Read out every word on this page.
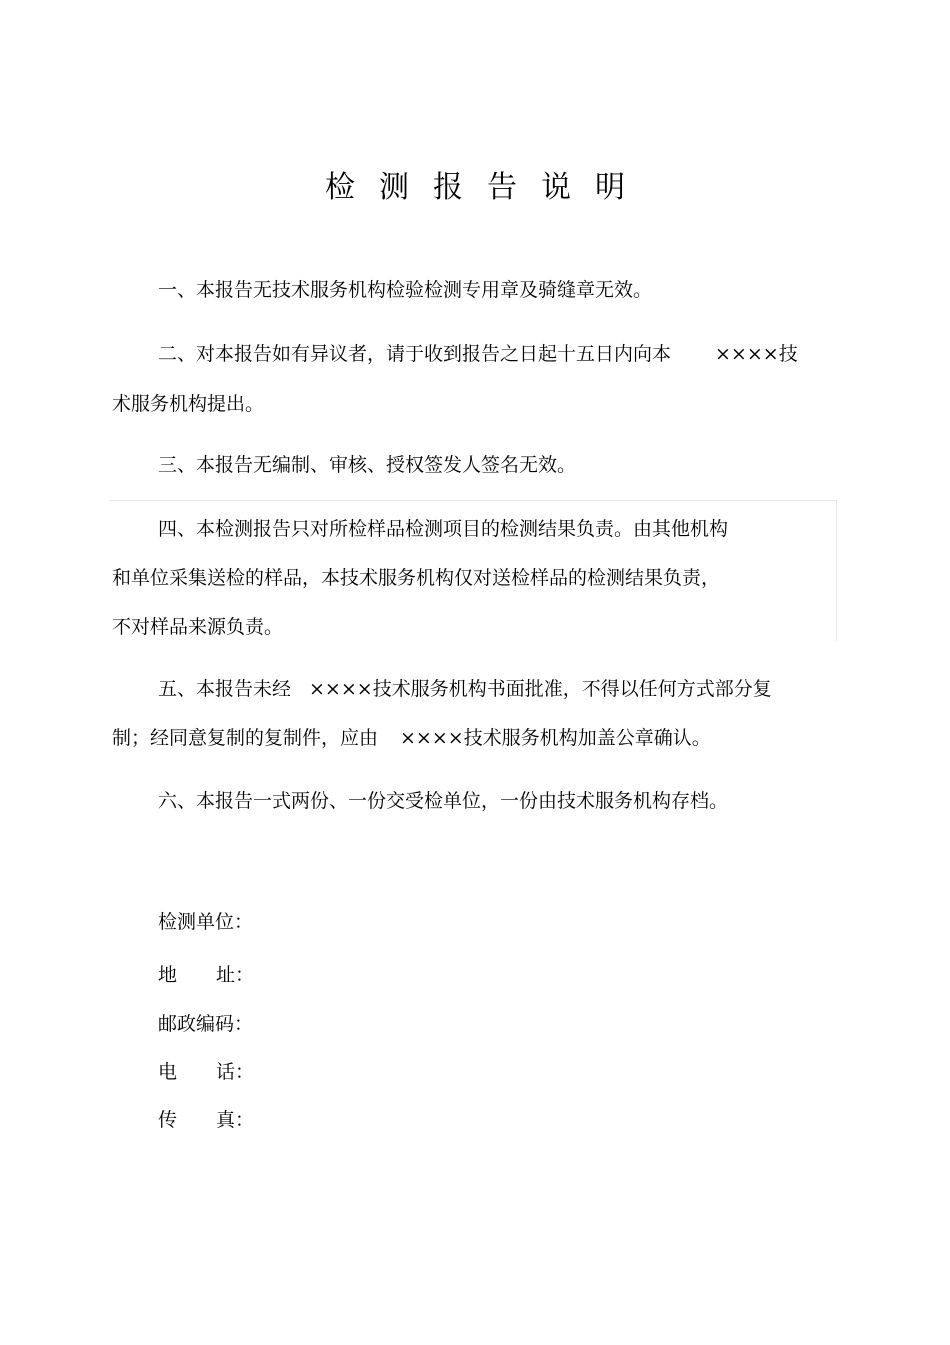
检测报告说明
一、本报告无技术服务机构检验检测专用章及骑缝章无效。
二、对本报告如有异议者，请于收到报告之日起十五日内向本 ××××技
术服务机构提出。
三、本报告无编制、审核、授权签发人签名无效。
四、本检测报告只对所检样品检测项目的检测结果负责。由其他机构
和单位采集送检的样品，本技术服务机构仅对送检样品的检测结果负责，
不对样品来源负责。
五、本报告未经 ××××技术服务机构书面批准，不得以任何方式部分复
制；经同意复制的复制件，应由 ××××技术服务机构加盖公章确认。
六、本报告一式两份、一份交受检单位，一份由技术服务机构存档。
检测单位：
地 址：
邮政编码：
电 话：
传 真：
